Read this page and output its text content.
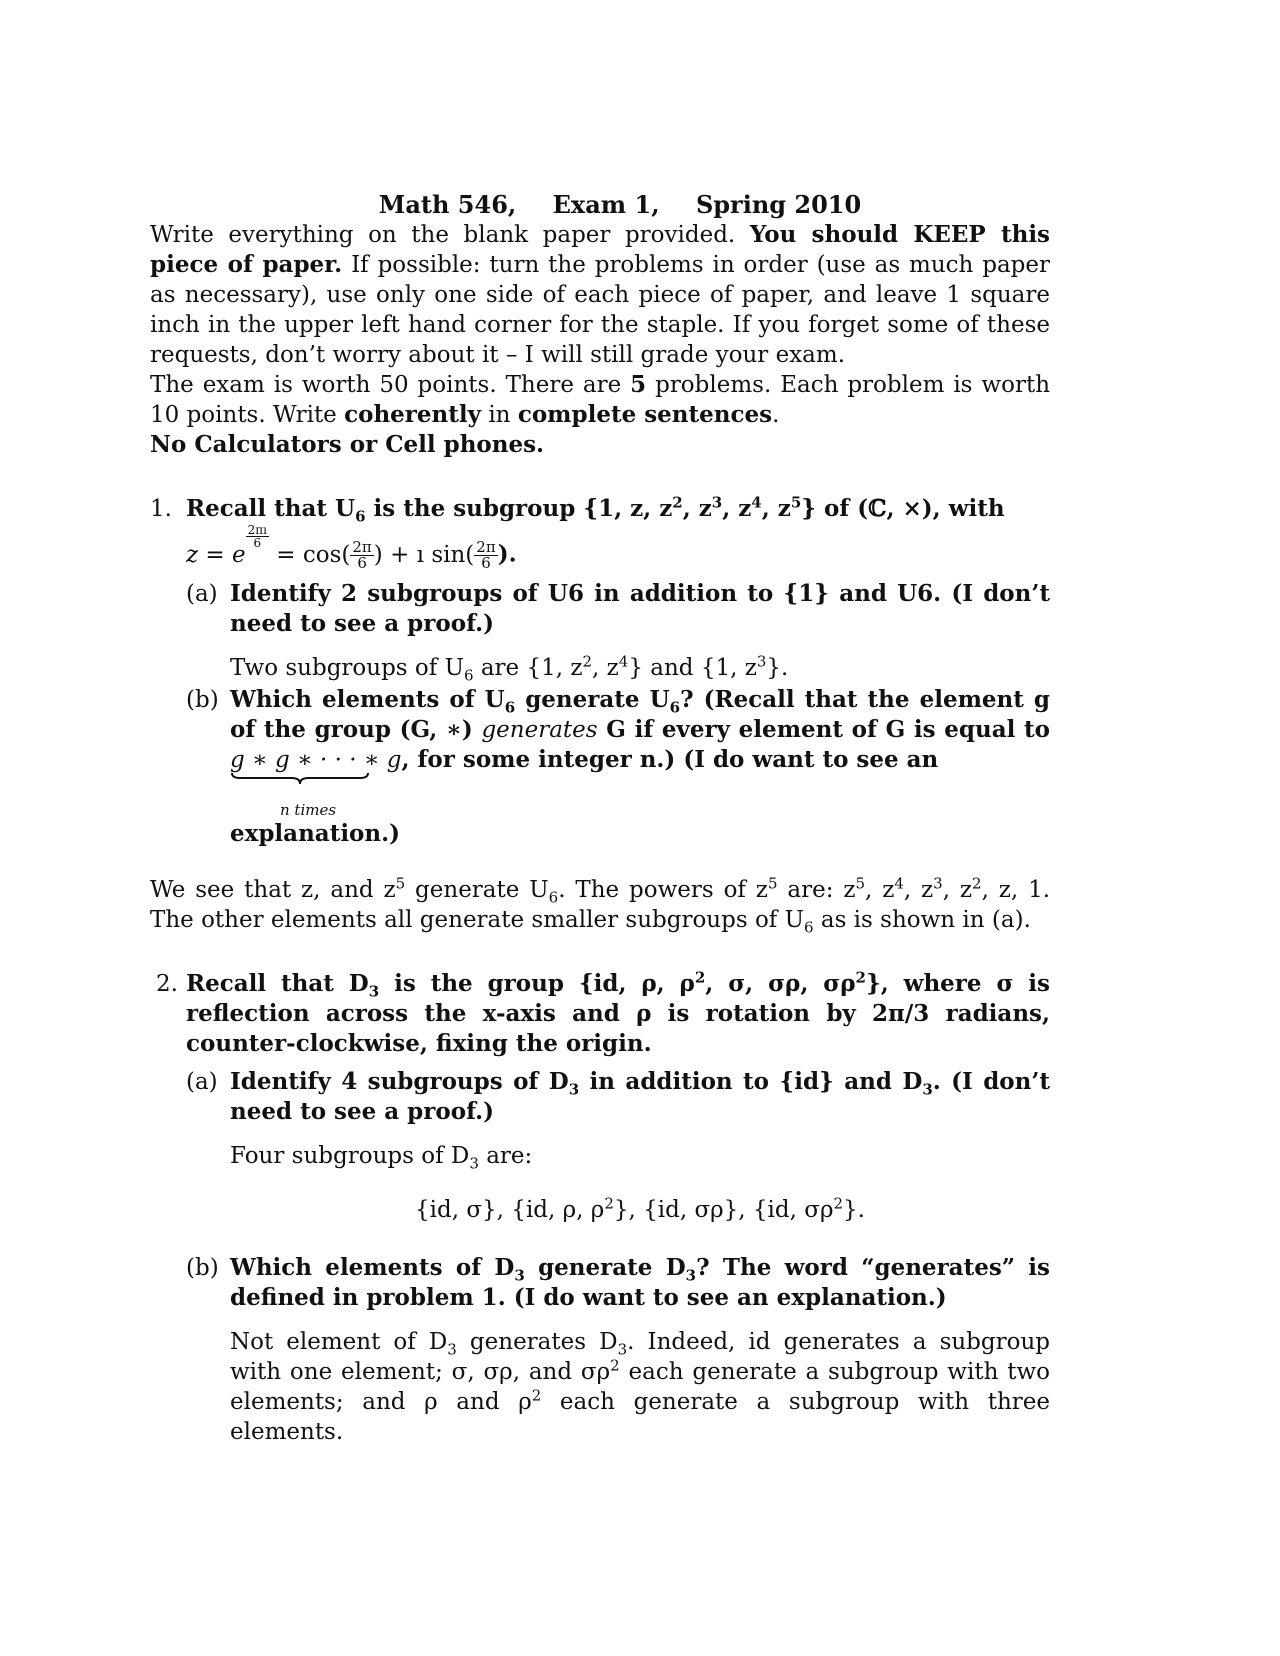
Math 546, Exam 1, Spring 2010

Write everything on the blank paper provided. You should KEEP this piece of paper. If possible: turn the problems in order (use as much paper as necessary), use only one side of each piece of paper, and leave 1 square inch in the upper left hand corner for the staple. If you forget some of these requests, don’t worry about it – I will still grade your exam.

The exam is worth 50 points. There are 5 problems. Each problem is worth 10 points. Write coherently in complete sentences.

No Calculators or Cell phones.

1. Recall that $U_6$ is the subgroup {1, z, $z^2$, $z^3$, $z^4$, $z^5$} of (ℂ, ×), with
z = e
$^{\frac{2\pi ı}{6}}$
= $\cos( \frac{2\pi}{6}$ ) + ı $\sin( \frac{2\pi}{6}$ ).
(a) Identify 2 subgroups of U6 in addition to {1} and U6. (I don’t need to see a proof.)
Two subgroups of $U_6$ are {1, $z^2$, $z^4$} and {1, $z^3$}.
(b) Which elements of $U_6$ generate $U_6$? (Recall that the element g of the group (G, ∗) generates G if every element of G is equal to g ∗ g ∗ · · · ∗ g
, for some integer n.) (I do want to see an
n times
explanation.)
We see that z, and $z^5$ generate $U_6$. The powers of $z^5$ are: $z^5$, $z^4$, $z^3$, $z^2$, z, 1. The other elements all generate smaller subgroups of $U_6$ as is shown in (a).
2. Recall that $D_3$ is the group {id, ρ, $\rho^2$, σ, σρ, $\sigma\rho^2$}, where σ is reflection across the x-axis and ρ is rotation by 2π/3 radians, counter-clockwise, fixing the origin.
(a) Identify 4 subgroups of $D_3$ in addition to {id} and $D_3$. (I don’t need to see a proof.)
Four subgroups of $D_3$ are:
{id, σ}, {id, ρ, $\rho^2$}, {id, σρ}, {id, $\sigma\rho^2$}.
(b) Which elements of $D_3$ generate $D_3$? The word “generates” is defined in problem 1. (I do want to see an explanation.)
Not element of $D_3$ generates $D_3$. Indeed, id generates a subgroup with one element; σ, σρ, and $\sigma\rho^2$ each generate a subgroup with two elements; and ρ and $\rho^2$ each generate a subgroup with three elements.
